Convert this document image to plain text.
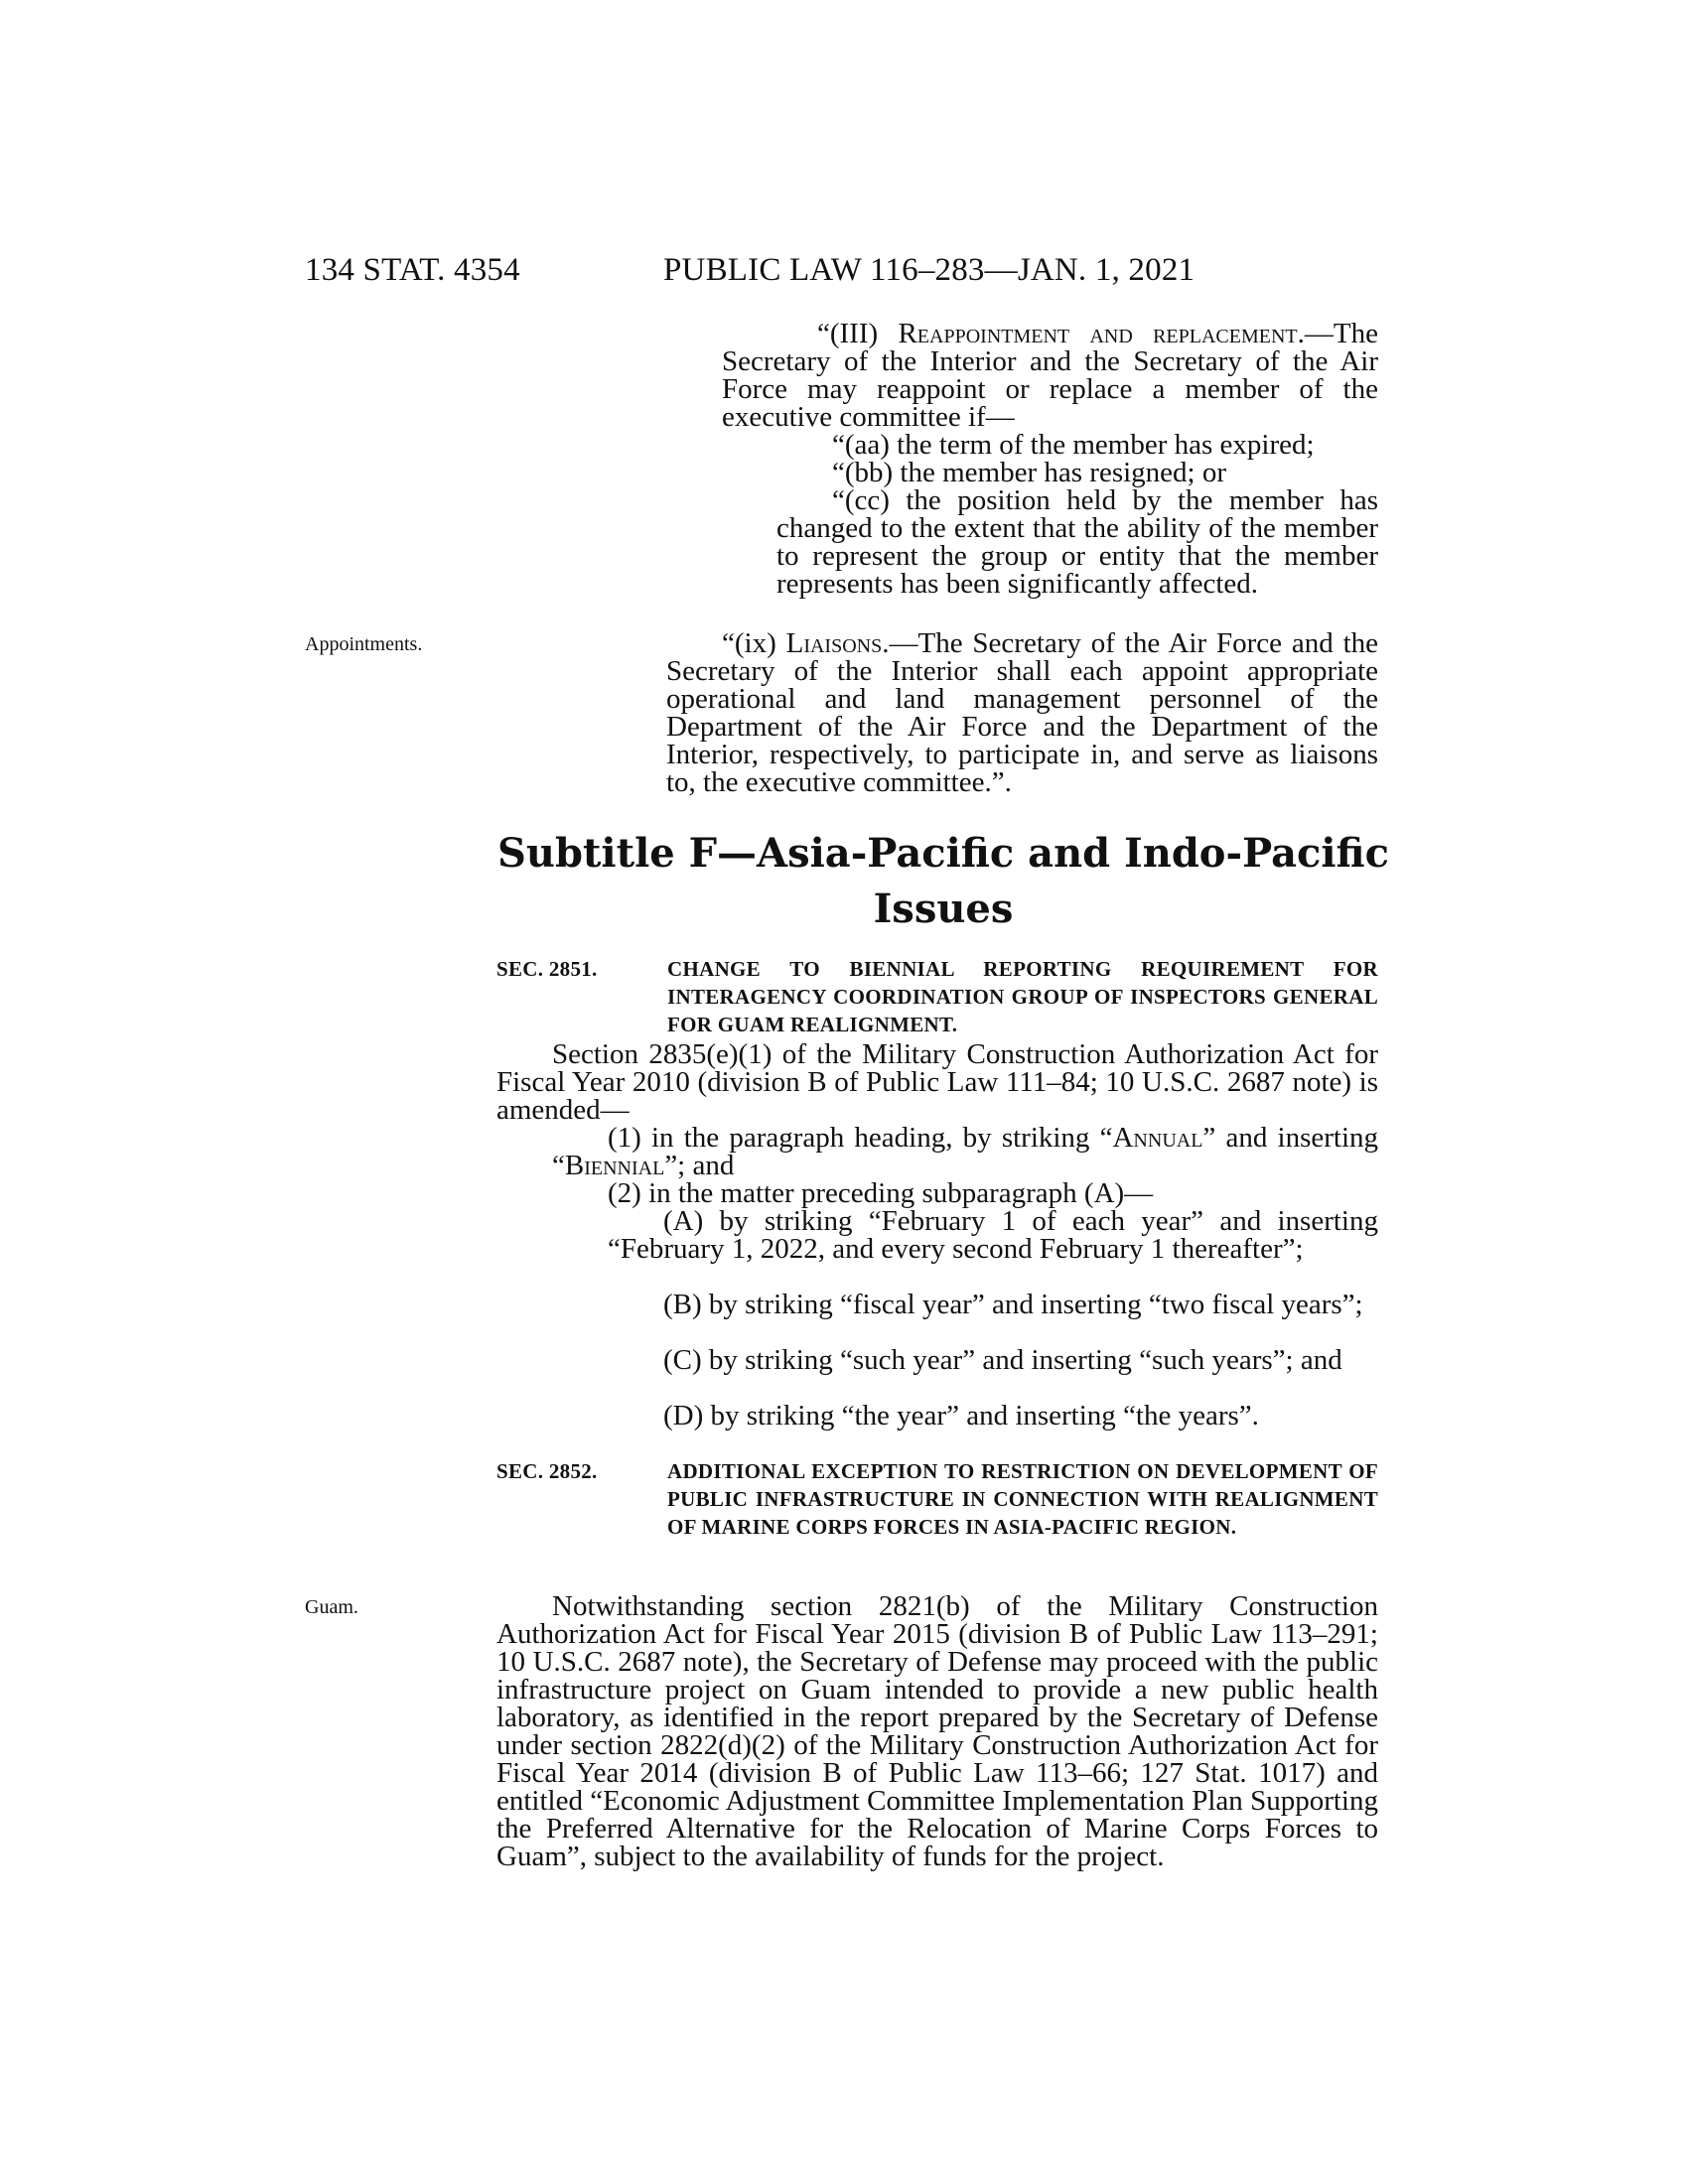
134 STAT. 4354	PUBLIC LAW 116–283—JAN. 1, 2021
“(III) Reappointment and replacement.—The Secretary of the Interior and the Secretary of the Air Force may reappoint or replace a member of the executive committee if—
“(aa) the term of the member has expired;
“(bb) the member has resigned; or
“(cc) the position held by the member has changed to the extent that the ability of the member to represent the group or entity that the member represents has been significantly affected.
Appointments.	“(ix) Liaisons.—The Secretary of the Air Force and the Secretary of the Interior shall each appoint appropriate operational and land management personnel of the Department of the Air Force and the Department of the Interior, respectively, to participate in, and serve as liaisons to, the executive committee.”.
Subtitle F—Asia-Pacific and Indo-Pacific Issues
SEC. 2851.	CHANGE TO BIENNIAL REPORTING REQUIREMENT FOR INTERAGENCY COORDINATION GROUP OF INSPECTORS GENERAL FOR GUAM REALIGNMENT.
Section 2835(e)(1) of the Military Construction Authorization Act for Fiscal Year 2010 (division B of Public Law 111–84; 10 U.S.C. 2687 note) is amended—
(1) in the paragraph heading, by striking “Annual” and inserting “Biennial”; and
(2) in the matter preceding subparagraph (A)—
(A) by striking “February 1 of each year” and inserting “February 1, 2022, and every second February 1 thereafter”;
(B) by striking “fiscal year” and inserting “two fiscal years”;
(C) by striking “such year” and inserting “such years”; and
(D) by striking “the year” and inserting “the years”.
SEC. 2852.	ADDITIONAL EXCEPTION TO RESTRICTION ON DEVELOPMENT OF PUBLIC INFRASTRUCTURE IN CONNECTION WITH REALIGNMENT OF MARINE CORPS FORCES IN ASIA-PACIFIC REGION.
Guam.	Notwithstanding section 2821(b) of the Military Construction Authorization Act for Fiscal Year 2015 (division B of Public Law 113–291; 10 U.S.C. 2687 note), the Secretary of Defense may proceed with the public infrastructure project on Guam intended to provide a new public health laboratory, as identified in the report prepared by the Secretary of Defense under section 2822(d)(2) of the Military Construction Authorization Act for Fiscal Year 2014 (division B of Public Law 113–66; 127 Stat. 1017) and entitled “Economic Adjustment Committee Implementation Plan Supporting the Preferred Alternative for the Relocation of Marine Corps Forces to Guam”, subject to the availability of funds for the project.
